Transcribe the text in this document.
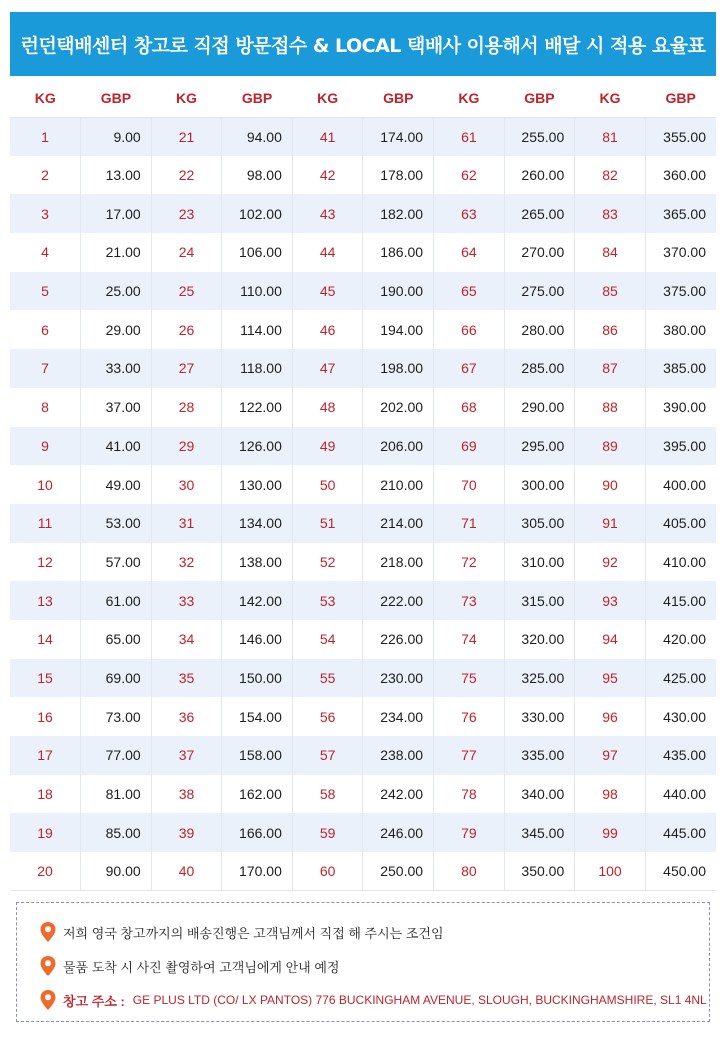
런던택배센터 창고로 직접 방문접수 & LOCAL 택배사 이용해서 배달 시 적용 요율표
KG	GBP	KG	GBP	KG	GBP	KG	GBP	KG	GBP
1	9.00	21	94.00	41	174.00	61	255.00	81	355.00
2	13.00	22	98.00	42	178.00	62	260.00	82	360.00
3	17.00	23	102.00	43	182.00	63	265.00	83	365.00
4	21.00	24	106.00	44	186.00	64	270.00	84	370.00
5	25.00	25	110.00	45	190.00	65	275.00	85	375.00
6	29.00	26	114.00	46	194.00	66	280.00	86	380.00
7	33.00	27	118.00	47	198.00	67	285.00	87	385.00
8	37.00	28	122.00	48	202.00	68	290.00	88	390.00
9	41.00	29	126.00	49	206.00	69	295.00	89	395.00
10	49.00	30	130.00	50	210.00	70	300.00	90	400.00
11	53.00	31	134.00	51	214.00	71	305.00	91	405.00
12	57.00	32	138.00	52	218.00	72	310.00	92	410.00
13	61.00	33	142.00	53	222.00	73	315.00	93	415.00
14	65.00	34	146.00	54	226.00	74	320.00	94	420.00
15	69.00	35	150.00	55	230.00	75	325.00	95	425.00
16	73.00	36	154.00	56	234.00	76	330.00	96	430.00
17	77.00	37	158.00	57	238.00	77	335.00	97	435.00
18	81.00	38	162.00	58	242.00	78	340.00	98	440.00
19	85.00	39	166.00	59	246.00	79	345.00	99	445.00
20	90.00	40	170.00	60	250.00	80	350.00	100	450.00
저희 영국 창고까지의 배송진행은 고객님께서 직접 해 주시는 조건임
물품 도착 시 사진 촬영하여 고객님에게 안내 예정
창고 주소 : GE PLUS LTD (CO/ LX PANTOS) 776 BUCKINGHAM AVENUE, SLOUGH, BUCKINGHAMSHIRE, SL1 4NL
